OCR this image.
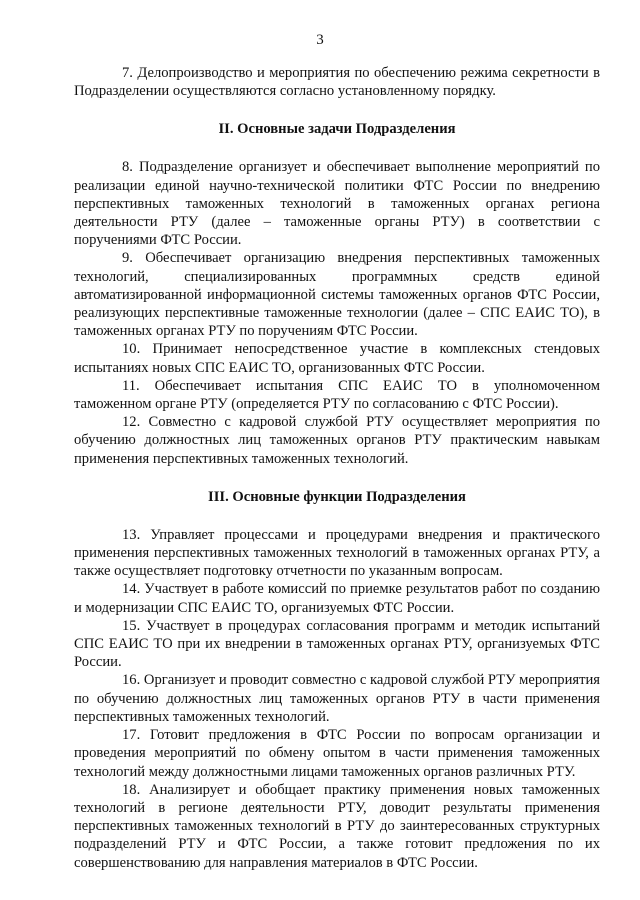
3

7. Делопроизводство и мероприятия по обеспечению режима секретности в Подразделении осуществляются согласно установленному порядку.

II. Основные задачи Подразделения

8. Подразделение организует и обеспечивает выполнение мероприятий по реализации единой научно-технической политики ФТС России по внедрению перспективных таможенных технологий в таможенных органах региона деятельности РТУ (далее – таможенные органы РТУ) в соответствии с поручениями ФТС России.

9. Обеспечивает организацию внедрения перспективных таможенных технологий, специализированных программных средств единой автоматизированной информационной системы таможенных органов ФТС России, реализующих перспективные таможенные технологии (далее – СПС ЕАИС ТО), в таможенных органах РТУ по поручениям ФТС России.

10. Принимает непосредственное участие в комплексных стендовых испытаниях новых СПС ЕАИС ТО, организованных ФТС России.

11. Обеспечивает испытания СПС ЕАИС ТО в уполномоченном таможенном органе РТУ (определяется РТУ по согласованию с ФТС России).

12. Совместно с кадровой службой РТУ осуществляет мероприятия по обучению должностных лиц таможенных органов РТУ практическим навыкам применения перспективных таможенных технологий.

III. Основные функции Подразделения

13. Управляет процессами и процедурами внедрения и практического применения перспективных таможенных технологий в таможенных органах РТУ, а также осуществляет подготовку отчетности по указанным вопросам.

14. Участвует в работе комиссий по приемке результатов работ по созданию и модернизации СПС ЕАИС ТО, организуемых ФТС России.

15. Участвует в процедурах согласования программ и методик испытаний СПС ЕАИС ТО при их внедрении в таможенных органах РТУ, организуемых ФТС России.

16. Организует и проводит совместно с кадровой службой РТУ мероприятия по обучению должностных лиц таможенных органов РТУ в части применения перспективных таможенных технологий.

17. Готовит предложения в ФТС России по вопросам организации и проведения мероприятий по обмену опытом в части применения таможенных технологий между должностными лицами таможенных органов различных РТУ.

18. Анализирует и обобщает практику применения новых таможенных технологий в регионе деятельности РТУ, доводит результаты применения перспективных таможенных технологий в РТУ до заинтересованных структурных подразделений РТУ и ФТС России, а также готовит предложения по их совершенствованию для направления материалов в ФТС России.
